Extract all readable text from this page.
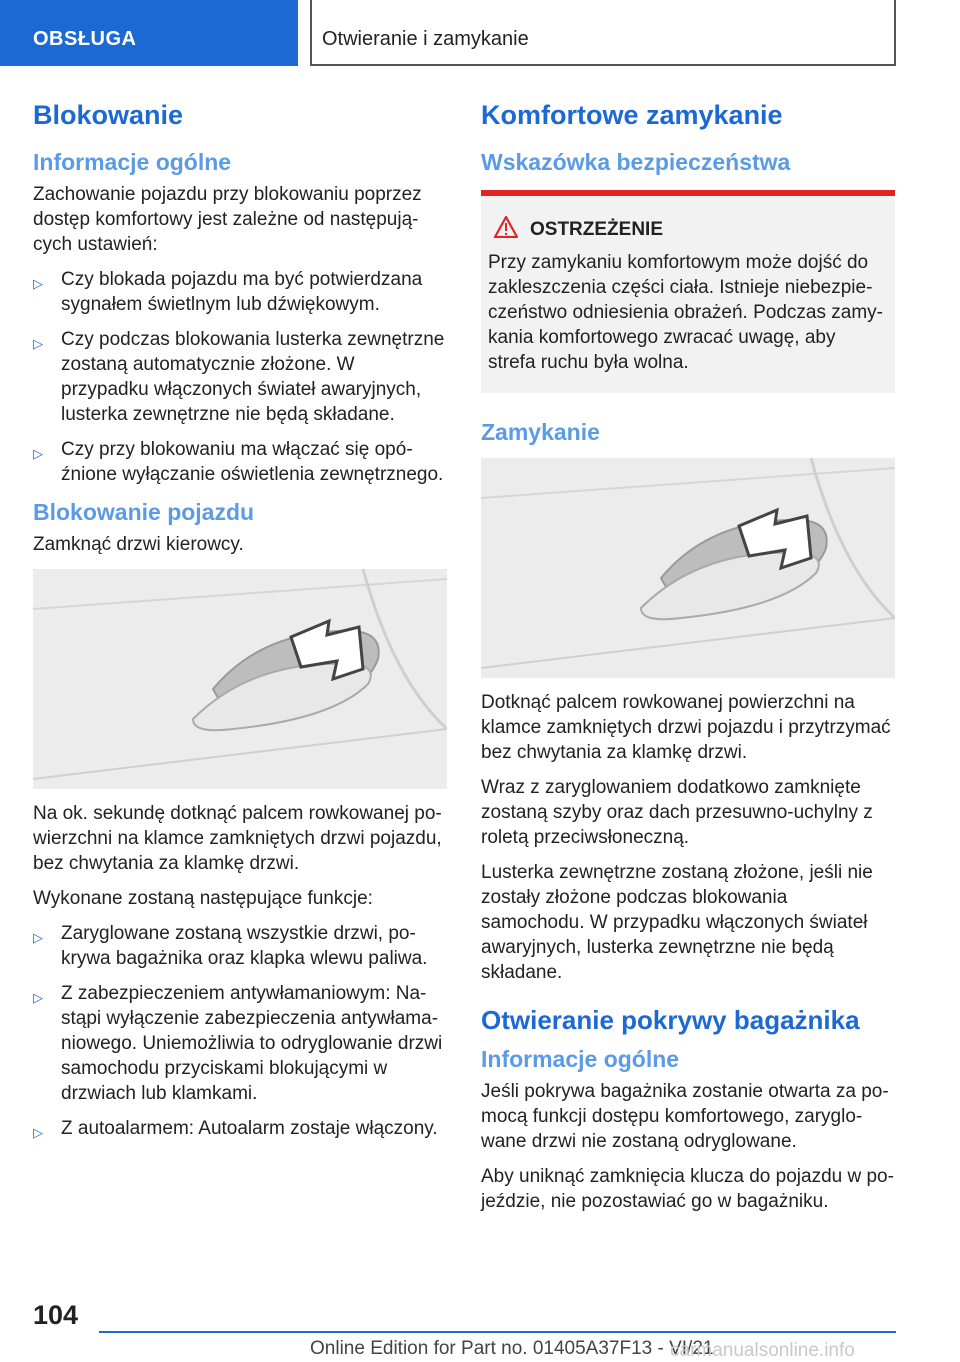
OBSŁUGA	Otwieranie i zamykanie
Blokowanie
Informacje ogólne

Zachowanie pojazdu przy blokowaniu poprzez dostęp komfortowy jest zależne od następujących ustawień:

▷ Czy blokada pojazdu ma być potwierdzana sygnałem świetlnym lub dźwiękowym.
▷ Czy podczas blokowania lusterka zewnętrzne zostaną automatycznie złożone. W przypadku włączonych świateł awaryjnych, lusterka zewnętrzne nie będą składane.
▷ Czy przy blokowaniu ma włączać się opóźnione wyłączanie oświetlenia zewnętrznego.
Blokowanie pojazdu

Zamknąć drzwi kierowcy.

Na ok. sekundę dotknąć palcem rowkowanej powierzchni na klamce zamkniętych drzwi pojazdu, bez chwytania za klamkę drzwi.

Wykonane zostaną następujące funkcje:

▷ Zaryglowane zostaną wszystkie drzwi, pokrywa bagażnika oraz klapka wlewu paliwa.
▷ Z zabezpieczeniem antywłamaniowym: Nastąpi wyłączenie zabezpieczenia antywłamaniowego. Uniemożliwia to odryglowanie drzwi samochodu przyciskami blokującymi w drzwiach lub klamkami.
▷ Z autoalarmem: Autoalarm zostaje włączony.
Komfortowe zamykanie
Wskazówka bezpieczeństwa
OSTRZEŻENIE

Przy zamykaniu komfortowym może dojść do zakleszczenia części ciała. Istnieje niebezpieczeństwo odniesienia obrażeń. Podczas zamykania komfortowego zwracać uwagę, aby strefa ruchu była wolna.

Zamykanie

Dotknąć palcem rowkowanej powierzchni na klamce zamkniętych drzwi pojazdu i przytrzymać bez chwytania za klamkę drzwi.

Wraz z zaryglowaniem dodatkowo zamknięte zostaną szyby oraz dach przesuwno-uchylny z roletą przeciwsłoneczną.

Lusterka zewnętrzne zostaną złożone, jeśli nie zostały złożone podczas blokowania samochodu. W przypadku włączonych świateł awaryjnych, lusterka zewnętrzne nie będą składane.

Otwieranie pokrywy bagażnika
Informacje ogólne

Jeśli pokrywa bagażnika zostanie otwarta za pomocą funkcji dostępu komfortowego, zaryglowane drzwi nie zostaną odryglowane.

Aby uniknąć zamknięcia klucza do pojazdu w pojeździe, nie pozostawiać go w bagażniku.

104
Online Edition for Part no. 01405A37F13 - VI/21
carmanualsonline.info
